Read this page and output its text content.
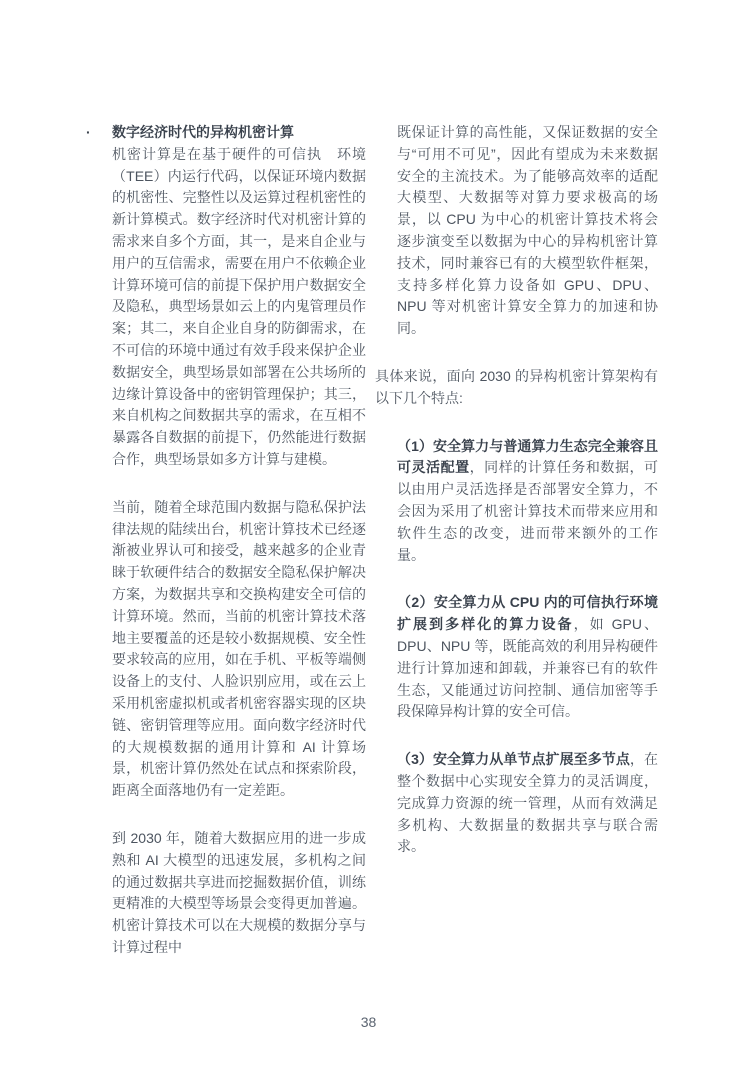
·	数字经济时代的异构机密计算

机密计算是在基于硬件的可信执　环境（TEE）内运行代码，以保证环境内数据的机密性、完整性以及运算过程机密性的新计算模式。数字经济时代对机密计算的需求来自多个方面，其一，是来自企业与用户的互信需求，需要在用户不依赖企业计算环境可信的前提下保护用户数据安全及隐私，典型场景如云上的内鬼管理员作案；其二，来自企业自身的防御需求，在不可信的环境中通过有效手段来保护企业数据安全，典型场景如部署在公共场所的边缘计算设备中的密钥管理保护；其三，来自机构之间数据共享的需求，在互相不暴露各自数据的前提下，仍然能进行数据合作，典型场景如多方计算与建模。

当前，随着全球范围内数据与隐私保护法律法规的陆续出台，机密计算技术已经逐渐被业界认可和接受，越来越多的企业青睐于软硬件结合的数据安全隐私保护解决方案，为数据共享和交换构建安全可信的计算环境。然而，当前的机密计算技术落地主要覆盖的还是较小数据规模、安全性要求较高的应用，如在手机、平板等端侧设备上的支付、人脸识别应用，或在云上采用机密虚拟机或者机密容器实现的区块链、密钥管理等应用。面向数字经济时代的大规模数据的通用计算和 AI 计算场景，机密计算仍然处在试点和探索阶段，距离全面落地仍有一定差距。

到 2030 年，随着大数据应用的进一步成熟和 AI 大模型的迅速发展，多机构之间的通过数据共享进而挖掘数据价值，训练更精准的大模型等场景会变得更加普遍。机密计算技术可以在大规模的数据分享与计算过程中

既保证计算的高性能，又保证数据的安全与“可用不可见”，因此有望成为未来数据安全的主流技术。为了能够高效率的适配大模型、大数据等对算力要求极高的场景，以 CPU 为中心的机密计算技术将会逐步演变至以数据为中心的异构机密计算技术，同时兼容已有的大模型软件框架，支持多样化算力设备如 GPU、DPU、NPU 等对机密计算安全算力的加速和协同。

具体来说，面向 2030 的异构机密计算架构有以下几个特点:

（1）安全算力与普通算力生态完全兼容且可灵活配置，同样的计算任务和数据，可以由用户灵活选择是否部署安全算力，不会因为采用了机密计算技术而带来应用和软件生态的改变，进而带来额外的工作量。

（2）安全算力从 CPU 内的可信执行环境扩展到多样化的算力设备，如 GPU、DPU、NPU 等，既能高效的利用异构硬件进行计算加速和卸载，并兼容已有的软件生态，又能通过访问控制、通信加密等手段保障异构计算的安全可信。

（3）安全算力从单节点扩展至多节点，在整个数据中心实现安全算力的灵活调度，完成算力资源的统一管理，从而有效满足多机构、大数据量的数据共享与联合需求。

38
